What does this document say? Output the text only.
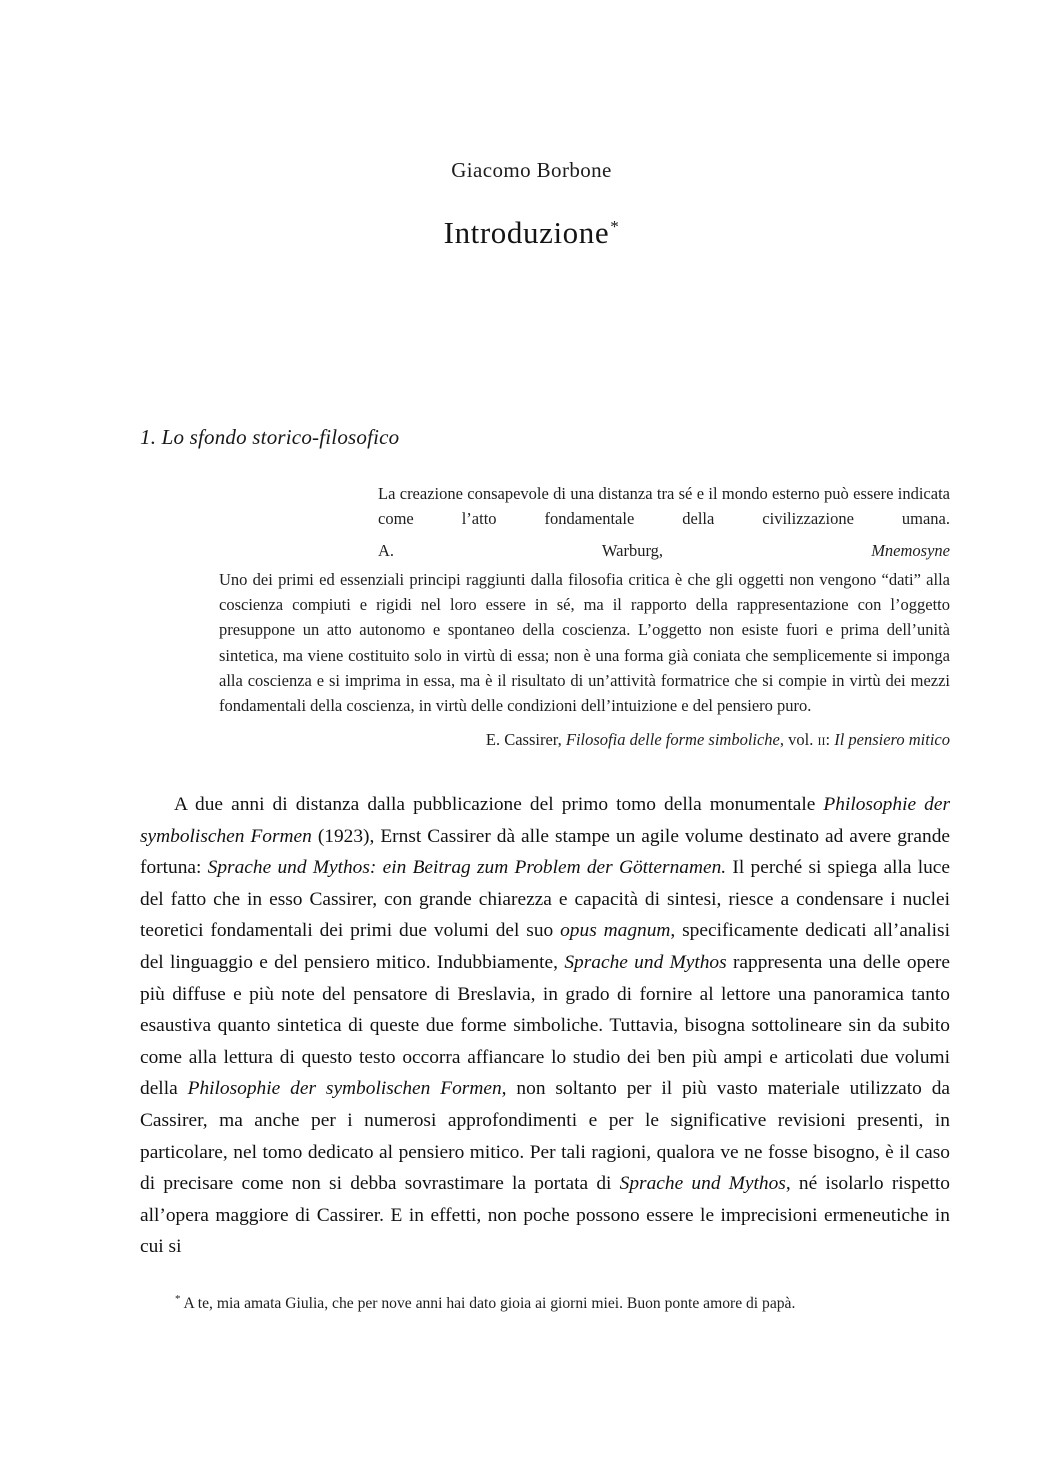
Giacomo Borbone
Introduzione*
1. Lo sfondo storico-filosofico
La creazione consapevole di una distanza tra sé e il mondo esterno può essere indicata come l’atto fondamentale della civilizzazione umana.
A. Warburg, Mnemosyne
Uno dei primi ed essenziali principi raggiunti dalla filosofia critica è che gli oggetti non vengono “dati” alla coscienza compiuti e rigidi nel loro essere in sé, ma il rapporto della rappresentazione con l’oggetto presuppone un atto autonomo e spontaneo della coscienza. L’oggetto non esiste fuori e prima dell’unità sintetica, ma viene costituito solo in virtù di essa; non è una forma già coniata che semplicemente si imponga alla coscienza e si imprima in essa, ma è il risultato di un’attività formatrice che si compie in virtù dei mezzi fondamentali della coscienza, in virtù delle condizioni dell’intuizione e del pensiero puro.
E. Cassirer, Filosofia delle forme simboliche, vol. ii: Il pensiero mitico
A due anni di distanza dalla pubblicazione del primo tomo della monumentale Philosophie der symbolischen Formen (1923), Ernst Cassirer dà alle stampe un agile volume destinato ad avere grande fortuna: Sprache und Mythos: ein Beitrag zum Problem der Götternamen. Il perché si spiega alla luce del fatto che in esso Cassirer, con grande chiarezza e capacità di sintesi, riesce a condensare i nuclei teoretici fondamentali dei primi due volumi del suo opus magnum, specificamente dedicati all’analisi del linguaggio e del pensiero mitico. Indubbiamente, Sprache und Mythos rappresenta una delle opere più diffuse e più note del pensatore di Breslavia, in grado di fornire al lettore una panoramica tanto esaustiva quanto sintetica di queste due forme simboliche. Tuttavia, bisogna sottolineare sin da subito come alla lettura di questo testo occorra affiancare lo studio dei ben più ampi e articolati due volumi della Philosophie der symbolischen Formen, non soltanto per il più vasto materiale utilizzato da Cassirer, ma anche per i numerosi approfondimenti e per le significative revisioni presenti, in particolare, nel tomo dedicato al pensiero mitico. Per tali ragioni, qualora ve ne fosse bisogno, è il caso di precisare come non si debba sovrastimare la portata di Sprache und Mythos, né isolarlo rispetto all’opera maggiore di Cassirer. E in effetti, non poche possono essere le imprecisioni ermeneutiche in cui si
* A te, mia amata Giulia, che per nove anni hai dato gioia ai giorni miei. Buon ponte amore di papà.
